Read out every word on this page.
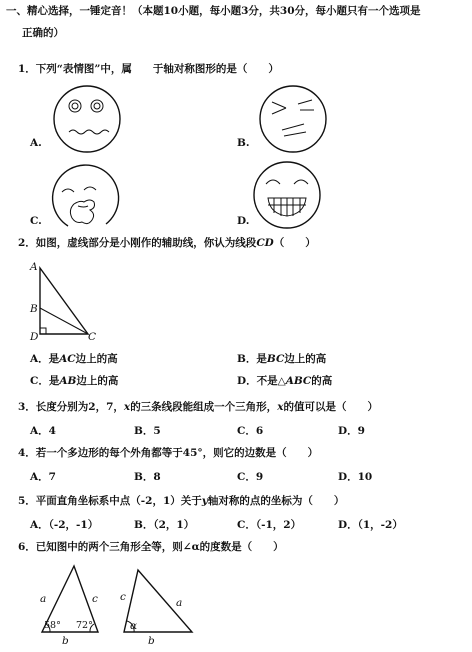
一、精心选择，一锤定音！（本题10小题，每小题3分，共30分，每小题只有一个选项是
正确的）
1．下列“表情图”中，属　　于轴对称图形的是（　　）
A.	B.
C.	D.
2．如图，虚线部分是小刚作的辅助线，你认为线段CD（　　）
A
B
D	C
A．是AC边上的高	B．是BC边上的高
C．是AB边上的高	D．不是△ABC的高
3．长度分别为2，7，x的三条线段能组成一个三角形，x的值可以是（　　）
A．4	B．5	C．6	D．9
4．若一个多边形的每个外角都等于45°，则它的边数是（　　）
A．7	B．8	C．9	D．10
5．平面直角坐标系中点（-2，1）关于y轴对称的点的坐标为（　　）
A．（-2，-1）	B．（2，1）	C．（-1，2）	D．（1，-2）
6．已知图中的两个三角形全等，则∠α的度数是（　　）
a	c
58° 72°
b
c	a
α
b
